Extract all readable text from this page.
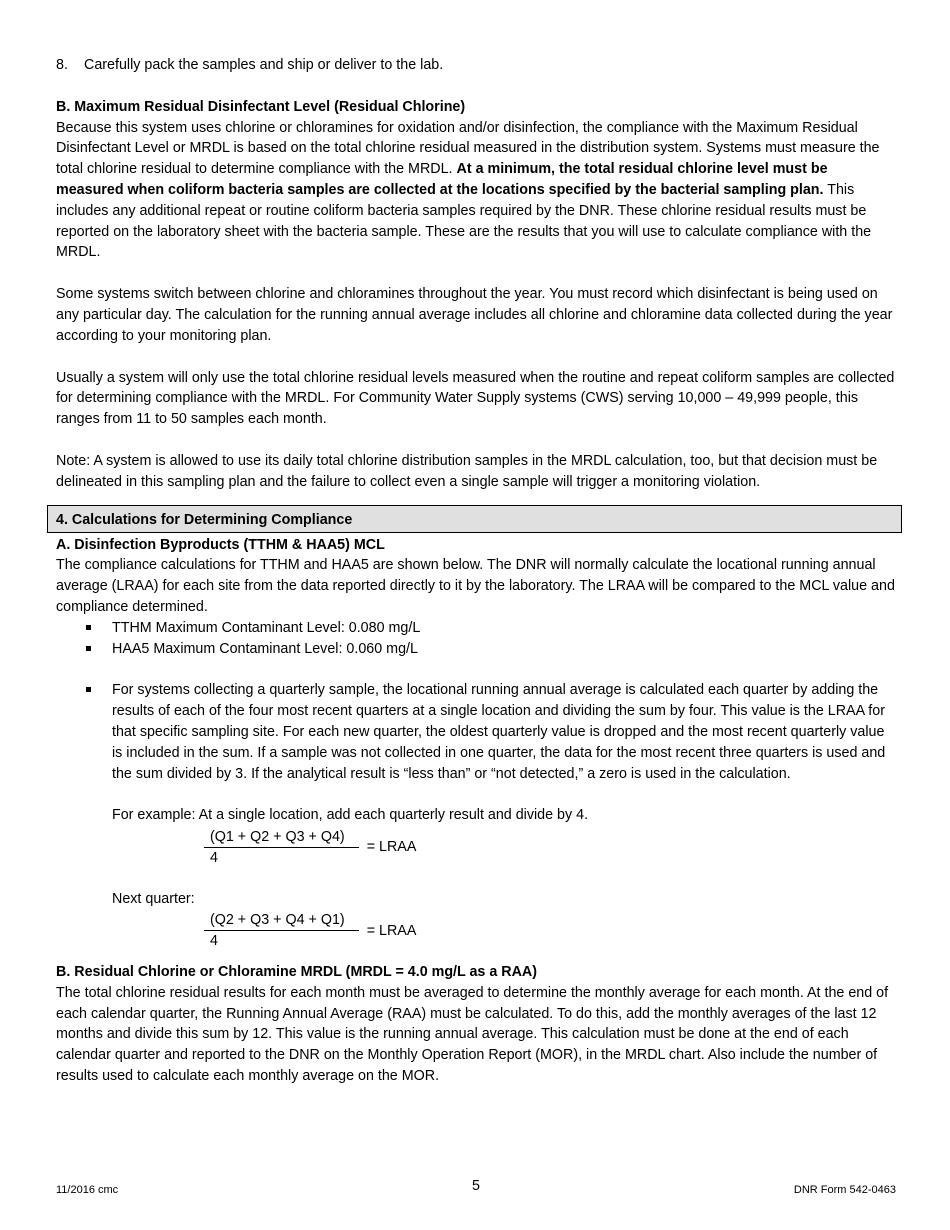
8.	Carefully pack the samples and ship or deliver to the lab.

B. Maximum Residual Disinfectant Level (Residual Chlorine)

Because this system uses chlorine or chloramines for oxidation and/or disinfection, the compliance with the Maximum Residual Disinfectant Level or MRDL is based on the total chlorine residual measured in the distribution system. Systems must measure the total chlorine residual to determine compliance with the MRDL. At a minimum, the total residual chlorine level must be measured when coliform bacteria samples are collected at the locations specified by the bacterial sampling plan. This includes any additional repeat or routine coliform bacteria samples required by the DNR. These chlorine residual results must be reported on the laboratory sheet with the bacteria sample. These are the results that you will use to calculate compliance with the MRDL.

Some systems switch between chlorine and chloramines throughout the year. You must record which disinfectant is being used on any particular day. The calculation for the running annual average includes all chlorine and chloramine data collected during the year according to your monitoring plan.

Usually a system will only use the total chlorine residual levels measured when the routine and repeat coliform samples are collected for determining compliance with the MRDL. For Community Water Supply systems (CWS) serving 10,000 – 49,999 people, this ranges from 11 to 50 samples each month.

Note: A system is allowed to use its daily total chlorine distribution samples in the MRDL calculation, too, but that decision must be delineated in this sampling plan and the failure to collect even a single sample will trigger a monitoring violation.

4. Calculations for Determining Compliance

A. Disinfection Byproducts (TTHM & HAA5) MCL

The compliance calculations for TTHM and HAA5 are shown below. The DNR will normally calculate the locational running annual average (LRAA) for each site from the data reported directly to it by the laboratory. The LRAA will be compared to the MCL value and compliance determined.

TTHM Maximum Contaminant Level: 0.080 mg/L
HAA5 Maximum Contaminant Level: 0.060 mg/L
For systems collecting a quarterly sample, the locational running annual average is calculated each quarter by adding the results of each of the four most recent quarters at a single location and dividing the sum by four. This value is the LRAA for that specific sampling site. For each new quarter, the oldest quarterly value is dropped and the most recent quarterly value is included in the sum. If a sample was not collected in one quarter, the data for the most recent three quarters is used and the sum divided by 3. If the analytical result is “less than” or “not detected,” a zero is used in the calculation.

For example: At a single location, add each quarterly result and divide by 4.

$\frac{(Q1 + Q2 + Q3 + Q4)}{4}$ = LRAA

Next quarter:

$\frac{(Q2 + Q3 + Q4 + Q1)}{4}$ = LRAA

B. Residual Chlorine or Chloramine MRDL (MRDL = 4.0 mg/L as a RAA)

The total chlorine residual results for each month must be averaged to determine the monthly average for each month. At the end of each calendar quarter, the Running Annual Average (RAA) must be calculated. To do this, add the monthly averages of the last 12 months and divide this sum by 12. This value is the running annual average. This calculation must be done at the end of each calendar quarter and reported to the DNR on the Monthly Operation Report (MOR), in the MRDL chart. Also include the number of results used to calculate each monthly average on the MOR.

11/2016 cmc	5	DNR Form 542-0463
